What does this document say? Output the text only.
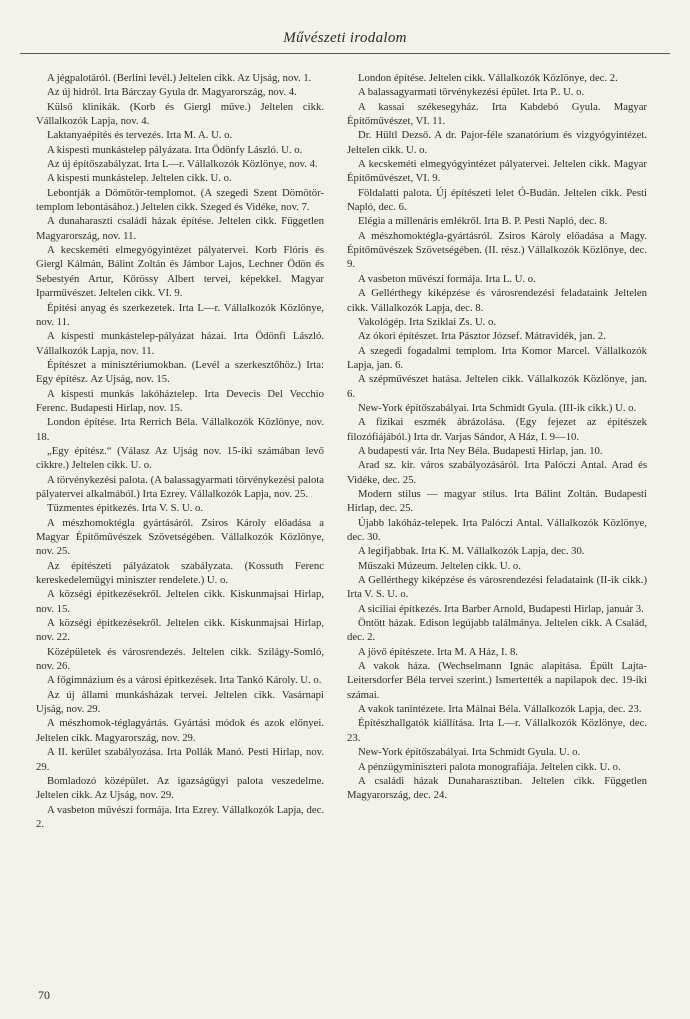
Művészeti irodalom

A jégpalotáról. (Berlini levél.) Jeltelen cikk. Az Ujság, nov. 1.

Az új hidról. Irta Bárczay Gyula dr. Magyarország, nov. 4.

Külső klinikák. (Korb és Giergl műve.) Jeltelen cikk. Vállalkozók Lapja, nov. 4.

Laktanyaépítés és tervezés. Irta M. A. U. o.

A kispesti munkástelep pályázata. Irta Ödönfy László. U. o.

Az új építőszabályzat. Irta L—r. Vállalkozók Közlönye, nov. 4.

A kispesti munkástelep. Jeltelen cikk. U. o.

Lebontják a Dömötör-templomot. (A szegedi Szent Dömötör-templom lebontásához.) Jeltelen cikk. Szeged és Vidéke, nov. 7.

A dunaharaszti családi házak építése. Jeltelen cikk. Független Magyarország, nov. 11.

A kecskeméti elmegyógyintézet pályatervei. Korb Flóris és Giergl Kálmán, Bálint Zoltán és Jámbor Lajos, Lechner Ödön és Sebestyén Artur, Kőrössy Albert tervei, képekkel. Magyar Iparművészet. Jeltelen cikk. VI. 9.

Épitési anyag és szerkezetek. Irta L—r. Vállalkozók Közlönye, nov. 11.

A kispesti munkástelep-pályázat házai. Irta Ödönfi László. Vállalkozók Lapja, nov. 11.

Építészet a minisztériumokban. (Levél a szerkesztőhöz.) Irta: Egy építész. Az Ujság, nov. 15.

A kispesti munkás lakóháztelep. Irta Devecis Del Vecchio Ferenc. Budapesti Hirlap, nov. 15.

London építése. Irta Rerrich Béla. Vállalkozók Közlönye, nov. 18.

„Egy építész.“ (Válasz Az Ujság nov. 15-iki számában levő cikkre.) Jeltelen cikk. U. o.

A törvénykezési palota. (A balassagyarmati törvénykezési palota pályatervei alkalmából.) Irta Ezrey. Vállalkozók Lapja, nov. 25.

Tüzmentes épitkezés. Irta V. S. U. o.

A mészhomoktégla gyártásáról. Zsiros Károly előadása a Magyar Építőművészek Szövetségében. Vállalkozók Közlönye, nov. 25.

Az építészeti pályázatok szabályzata. (Kossuth Ferenc kereskedelemügyi miniszter rendelete.) U. o.

A községi épitkezésekről. Jeltelen cikk. Kiskunmajsai Hirlap, nov. 15.

A községi épitkezésekről. Jeltelen cikk. Kiskunmajsai Hirlap, nov. 22.

Középületek és városrendezés. Jeltelen cikk. Szilágy-Somló, nov. 26.

A főgimnázium és a városi épitkezések. Irta Tankó Károly. U. o.

Az új állami munkásházak tervei. Jeltelen cikk. Vasárnapi Ujság, nov. 29.

A mészhomok-téglagyártás. Gyártási módok és azok előnyei. Jeltelen cikk. Magyarország, nov. 29.

A II. kerület szabályozása. Irta Pollák Manó. Pesti Hirlap, nov. 29.

Bomladozó középület. Az igazságügyi palota veszedelme. Jeltelen cikk. Az Ujság, nov. 29.

A vasbeton művészi formája. Irta Ezrey. Vállalkozók Lapja, dec. 2.

London építése. Jeltelen cikk. Vállalkozók Közlönye, dec. 2.

A balassagyarmati törvénykezési épület. Irta P.. U. o.

A kassai székesegyház. Irta Kabdebó Gyula. Magyar Építőművészet, VI. 11.

Dr. Hültl Dezső. A dr. Pajor-féle szanatórium és vizgyógyintézet. Jeltelen cikk. U. o.

A kecskeméti elmegyógyintézet pályatervei. Jeltelen cikk. Magyar Építőművészet, VI. 9.

Földalatti palota. Új építészeti lelet Ó-Budán. Jeltelen cikk. Pesti Napló, dec. 6.

Elégia a millenáris emlékről. Irta B. P. Pesti Napló, dec. 8.

A mészhomoktégla-gyártásról. Zsiros Károly előadása a Magy. Építőművészek Szövetségében. (II. rész.) Vállalkozók Közlönye, dec. 9.

A vasbeton művészi formája. Irta L. U. o.

A Gellérthegy kiképzése és városrendezési feladataink Jeltelen cikk. Vállalkozók Lapja, dec. 8.

Vakológép. Irta Sziklai Zs. U. o.

Az ókori építészet. Irta Pásztor József. Mátravidék, jan. 2.

A szegedi fogadalmi templom. Irta Komor Marcel. Vállalkozók Lapja, jan. 6.

A szépművészet hatása. Jeltelen cikk. Vállalkozók Közlönye, jan. 6.

New-York építőszabályai. Irta Schmidt Gyula. (III-ik cikk.) U. o.

A fizikai eszmék ábrázolása. (Egy fejezet az építészek filozófiájából.) Irta dr. Varjas Sándor, A Ház, I. 9—10.

A budapesti vár. Irta Ney Béla. Budapesti Hirlap, jan. 10.

Arad sz. kir. város szabályozásáról. Irta Palóczi Antal. Arad és Vidéke, dec. 25.

Modern stilus — magyar stilus. Irta Bálint Zoltán. Budapesti Hirlap, dec. 25.

Újabb lakóház-telepek. Irta Palóczi Antal. Vállalkozók Közlönye, dec. 30.

A legifjabbak. Irta K. M. Vállalkozók Lapja, dec. 30.

Műszaki Múzeum. Jeltelen cikk. U. o.

A Gellérthegy kiképzése és városrendezési feladataink (II-ik cikk.) Irta V. S. U. o.

A siciliai építkezés. Irta Barber Arnold, Budapesti Hirlap, január 3.

Öntött házak. Edison legújabb találmánya. Jeltelen cikk. A Család, dec. 2.

A jövő építészete. Irta M. A Ház, I. 8.

A vakok háza. (Wechselmann Ignác alapitása. Épült Lajta-Leitersdorfer Béla tervei szerint.) Ismertették a napilapok dec. 19-iki számai.

A vakok tanintézete. Irta Málnai Béla. Vállalkozók Lapja, dec. 23.

Építészhallgatók kiállítása. Irta L—r. Vállalkozók Közlönye, dec. 23.

New-York építőszabályai. Irta Schmidt Gyula. U. o.

A pénzügyminiszteri palota monografiája. Jeltelen cikk. U. o.

A családi házak Dunaharasztiban. Jeltelen cikk. Független Magyarország, dec. 24.

70
